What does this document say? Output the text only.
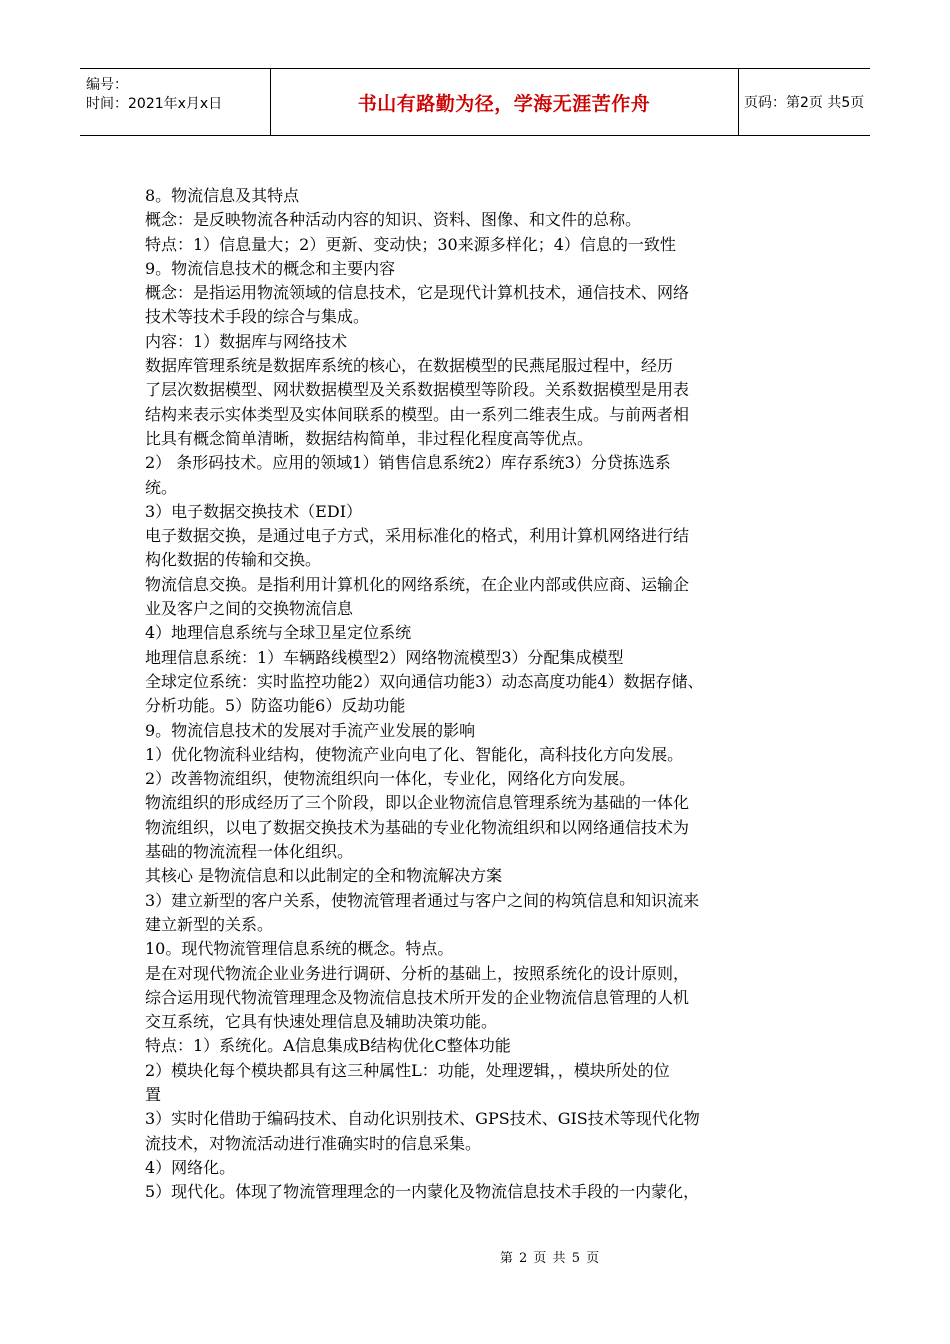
编号：
时间：2021年x月x日	书山有路勤为径，学海无涯苦作舟	页码：第2页 共5页
8。物流信息及其特点
概念：是反映物流各种活动内容的知识、资料、图像、和文件的总称。
特点：1）信息量大；2）更新、变动快；30来源多样化；4）信息的一致性
9。物流信息技术的概念和主要内容
概念：是指运用物流领域的信息技术，它是现代计算机技术，通信技术、网络
技术等技术手段的综合与集成。
内容：1）数据库与网络技术
数据库管理系统是数据库系统的核心，在数据模型的民燕尾服过程中，经历
了层次数据模型、网状数据模型及关系数据模型等阶段。关系数据模型是用表
结构来表示实体类型及实体间联系的模型。由一系列二维表生成。与前两者相
比具有概念简单清晰，数据结构简单，非过程化程度高等优点。
2） 条形码技术。应用的领域1）销售信息系统2）库存系统3）分贷拣选系
统。
3）电子数据交换技术（EDI）
电子数据交换，是通过电子方式，采用标准化的格式，利用计算机网络进行结
构化数据的传输和交换。
物流信息交换。是指利用计算机化的网络系统，在企业内部或供应商、运输企
业及客户之间的交换物流信息
4）地理信息系统与全球卫星定位系统
地理信息系统：1）车辆路线模型2）网络物流模型3）分配集成模型
全球定位系统：实时监控功能2）双向通信功能3）动态高度功能4）数据存储、
分析功能。5）防盗功能6）反劫功能
9。物流信息技术的发展对手流产业发展的影响
1）优化物流科业结构，使物流产业向电了化、智能化，高科技化方向发展。
2）改善物流组织，使物流组织向一体化，专业化，网络化方向发展。
物流组织的形成经历了三个阶段，即以企业物流信息管理系统为基础的一体化
物流组织，以电了数据交换技术为基础的专业化物流组织和以网络通信技术为
基础的物流流程一体化组织。
其核心 是物流信息和以此制定的全和物流解决方案
3）建立新型的客户关系，使物流管理者通过与客户之间的构筑信息和知识流来
建立新型的关系。
10。现代物流管理信息系统的概念。特点。
是在对现代物流企业业务进行调研、分析的基础上，按照系统化的设计原则，
综合运用现代物流管理理念及物流信息技术所开发的企业物流信息管理的人机
交互系统，它具有快速处理信息及辅助决策功能。
特点：1）系统化。A信息集成B结构优化C整体功能
2）模块化每个模块都具有这三种属性L：功能，处理逻辑，，模块所处的位
置
3）实时化借助于编码技术、自动化识别技术、GPS技术、GIS技术等现代化物
流技术，对物流活动进行准确实时的信息采集。
4）网络化。
5）现代化。体现了物流管理理念的一内蒙化及物流信息技术手段的一内蒙化，
第 2 页 共 5 页
